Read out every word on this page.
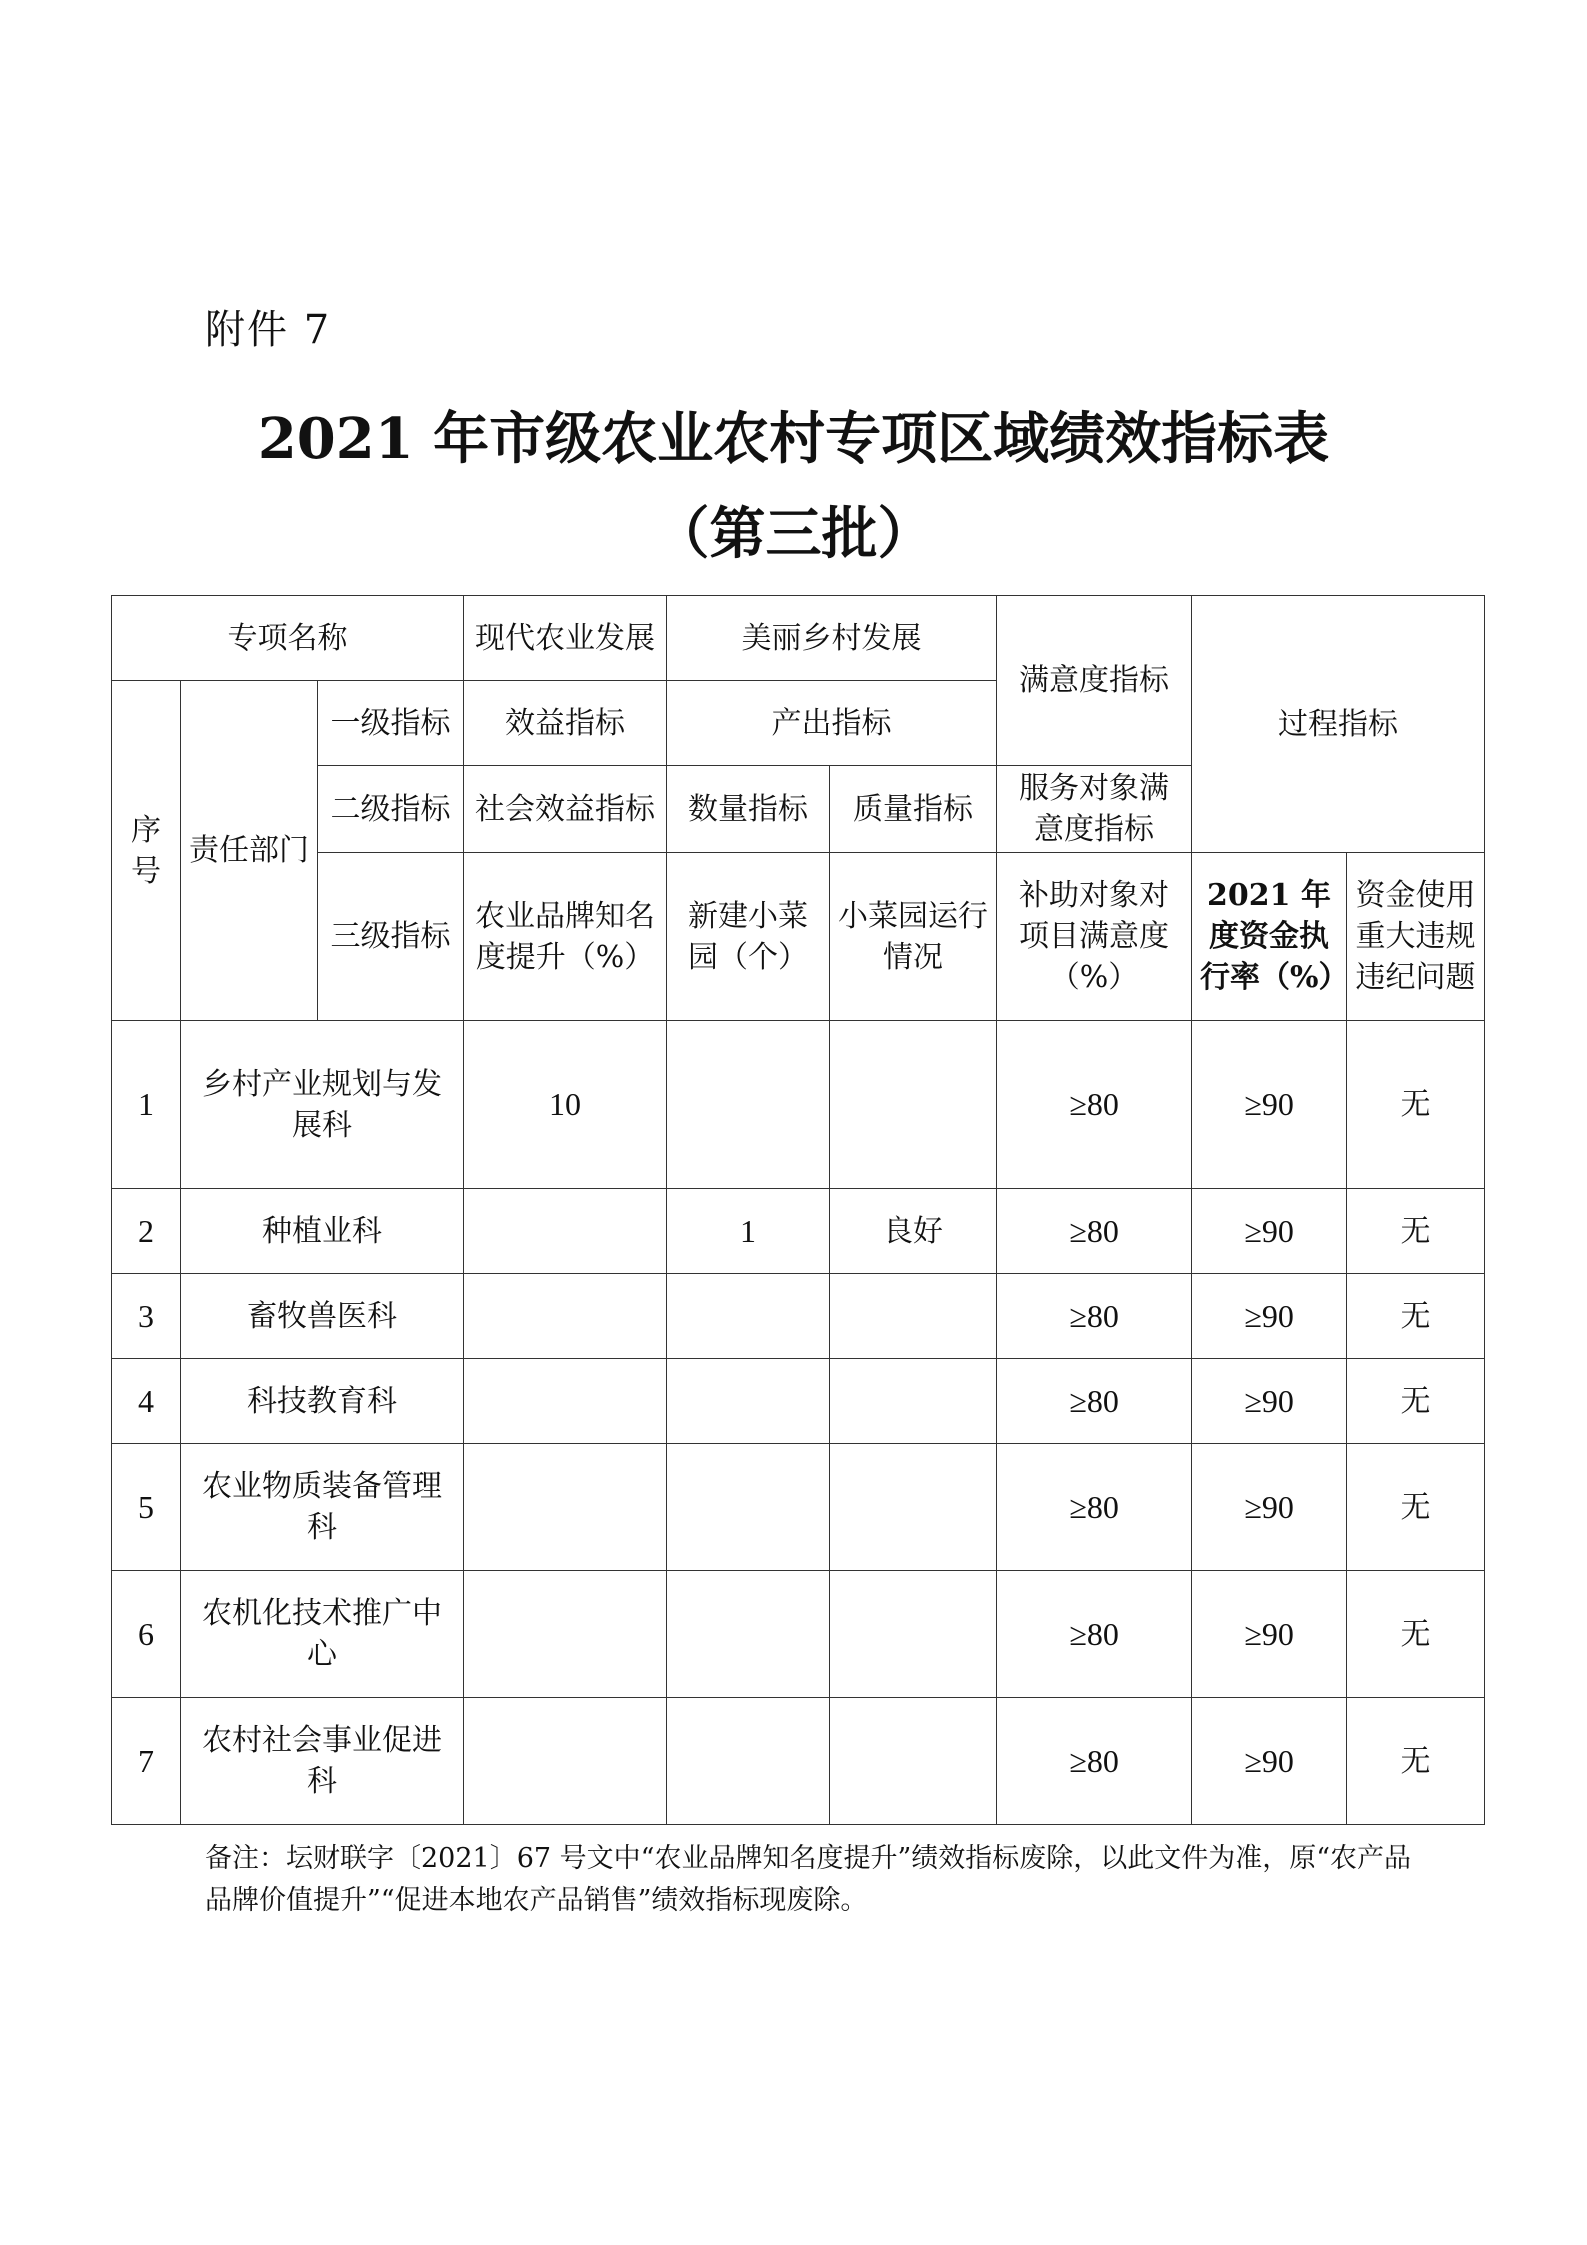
附件 7
2021 年市级农业农村专项区域绩效指标表
（第三批）
专项名称			现代农业发展	美丽乡村发展		满意度指标	过程指标	
序号	责任部门	一级指标	效益指标	产出指标				
		二级指标	社会效益指标	数量指标	质量指标	服务对象满意度指标		
		三级指标	农业品牌知名度提升（%）	新建小菜园（个）	小菜园运行情况	补助对象对项目满意度（%）	2021 年度资金执行率（%）	资金使用重大违规违纪问题
1	乡村产业规划与发展科		10			≥80	≥90	无
2	种植业科			1	良好	≥80	≥90	无
3	畜牧兽医科					≥80	≥90	无
4	科技教育科					≥80	≥90	无
5	农业物质装备管理科					≥80	≥90	无
6	农机化技术推广中心					≥80	≥90	无
7	农村社会事业促进科					≥80	≥90	无
备注：坛财联字〔2021〕67 号文中“农业品牌知名度提升”绩效指标废除，以此文件为准，原“农产品品牌价值提升”“促进本地农产品销售”绩效指标现废除。
